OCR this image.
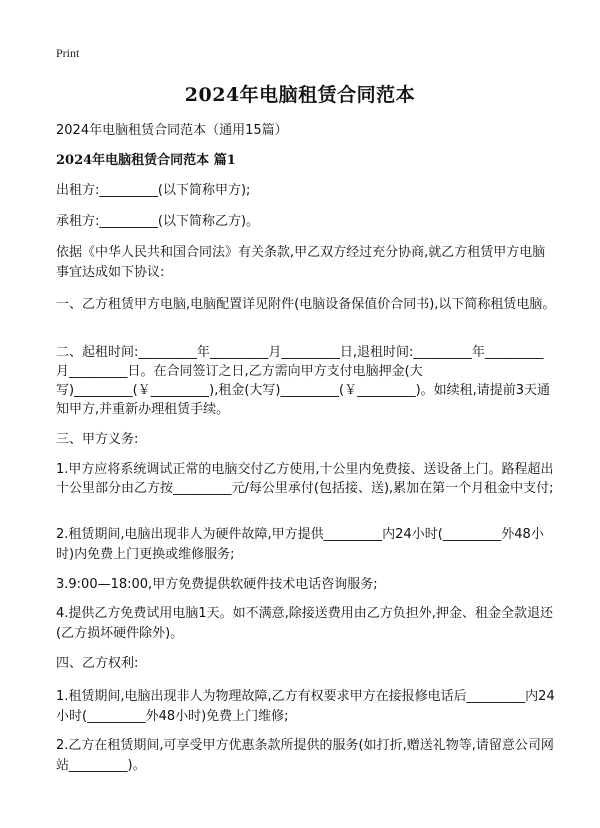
Print
2024年电脑租赁合同范本
2024年电脑租赁合同范本（通用15篇）
2024年电脑租赁合同范本 篇1
出租方:_________(以下简称甲方);
承租方:_________(以下简称乙方)。
依据《中华人民共和国合同法》有关条款,甲乙双方经过充分协商,就乙方租赁甲方电脑事宜达成如下协议:
一、乙方租赁甲方电脑,电脑配置详见附件(电脑设备保值价合同书),以下简称租赁电脑。
二、起租时间:_________年_________月_________日,退租时间:_________年_________月_________日。在合同签订之日,乙方需向甲方支付电脑押金(大写)_________(￥_________),租金(大写)_________(￥_________)。如续租,请提前3天通知甲方,并重新办理租赁手续。
三、甲方义务:
1.甲方应将系统调试正常的电脑交付乙方使用,十公里内免费接、送设备上门。路程超出十公里部分由乙方按_________元/每公里承付(包括接、送),累加在第一个月租金中支付;
2.租赁期间,电脑出现非人为硬件故障,甲方提供_________内24小时(_________外48小时)内免费上门更换或维修服务;
3.9:00—18:00,甲方免费提供软硬件技术电话咨询服务;
4.提供乙方免费试用电脑1天。如不满意,除接送费用由乙方负担外,押金、租金全款退还(乙方损坏硬件除外)。
四、乙方权利:
1.租赁期间,电脑出现非人为物理故障,乙方有权要求甲方在接报修电话后_________内24小时(_________外48小时)免费上门维修;
2.乙方在租赁期间,可享受甲方优惠条款所提供的服务(如打折,赠送礼物等,请留意公司网站_________)。
